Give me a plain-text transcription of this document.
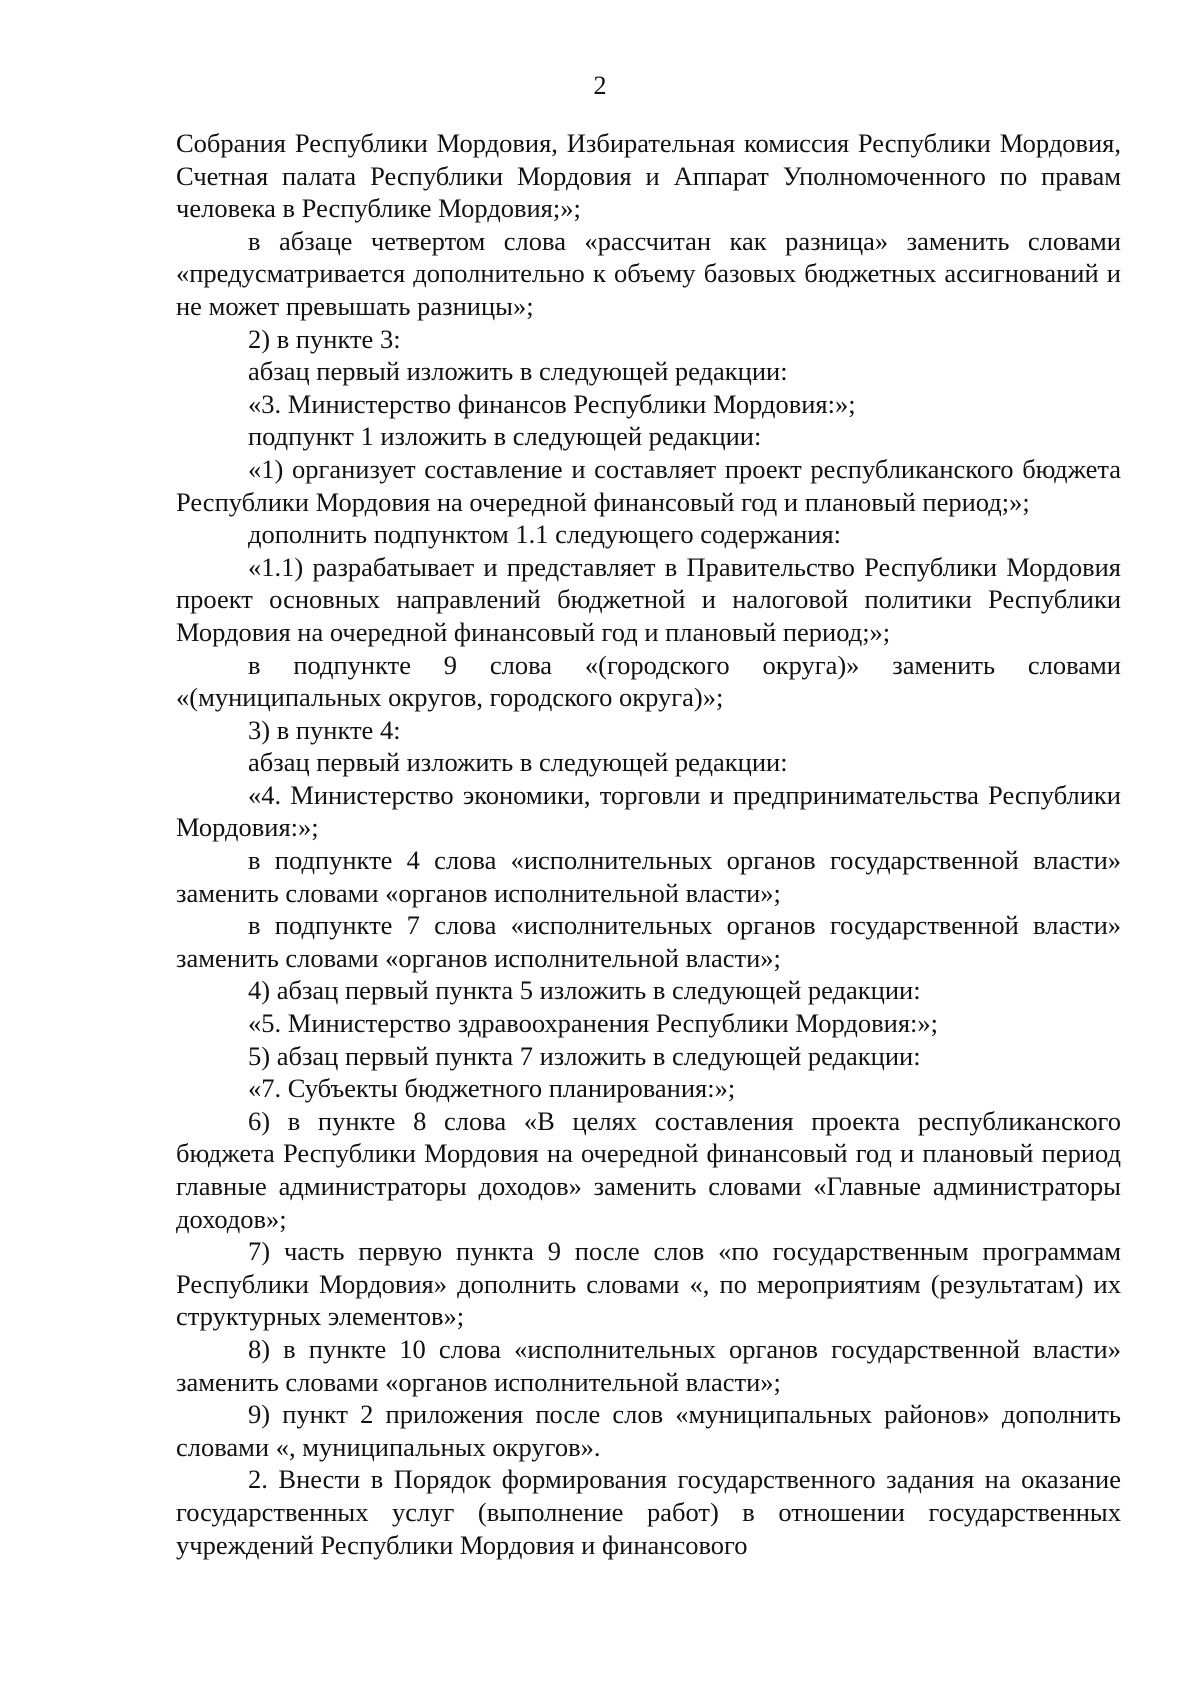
2

Собрания Республики Мордовия, Избирательная комиссия Республики Мордовия, Счетная палата Республики Мордовия и Аппарат Уполномоченного по правам человека в Республике Мордовия;»;

в абзаце четвертом слова «рассчитан как разница» заменить словами «предусматривается дополнительно к объему базовых бюджетных ассигнований и не может превышать разницы»;

2) в пункте 3:

абзац первый изложить в следующей редакции:

«3. Министерство финансов Республики Мордовия:»;

подпункт 1 изложить в следующей редакции:

«1) организует составление и составляет проект республиканского бюджета Республики Мордовия на очередной финансовый год и плановый период;»;

дополнить подпунктом 1.1 следующего содержания:

«1.1) разрабатывает и представляет в Правительство Республики Мордовия проект основных направлений бюджетной и налоговой политики Республики Мордовия на очередной финансовый год и плановый период;»;

в подпункте 9 слова «(городского округа)» заменить словами «(муниципальных округов, городского округа)»;

3) в пункте 4:

абзац первый изложить в следующей редакции:

«4. Министерство экономики, торговли и предпринимательства Республики Мордовия:»;

в подпункте 4 слова «исполнительных органов государственной власти» заменить словами «органов исполнительной власти»;

в подпункте 7 слова «исполнительных органов государственной власти» заменить словами «органов исполнительной власти»;

4) абзац первый пункта 5 изложить в следующей редакции:

«5. Министерство здравоохранения Республики Мордовия:»;

5) абзац первый пункта 7 изложить в следующей редакции:

«7. Субъекты бюджетного планирования:»;

6) в пункте 8 слова «В целях составления проекта республиканского бюджета Республики Мордовия на очередной финансовый год и плановый период главные администраторы доходов» заменить словами «Главные администраторы доходов»;

7) часть первую пункта 9 после слов «по государственным программам Республики Мордовия» дополнить словами «, по мероприятиям (результатам) их структурных элементов»;

8) в пункте 10 слова «исполнительных органов государственной власти» заменить словами «органов исполнительной власти»;

9) пункт 2 приложения после слов «муниципальных районов» дополнить словами «, муниципальных округов».

2. Внести в Порядок формирования государственного задания на оказание государственных услуг (выполнение работ) в отношении государственных учреждений Республики Мордовия и финансового
